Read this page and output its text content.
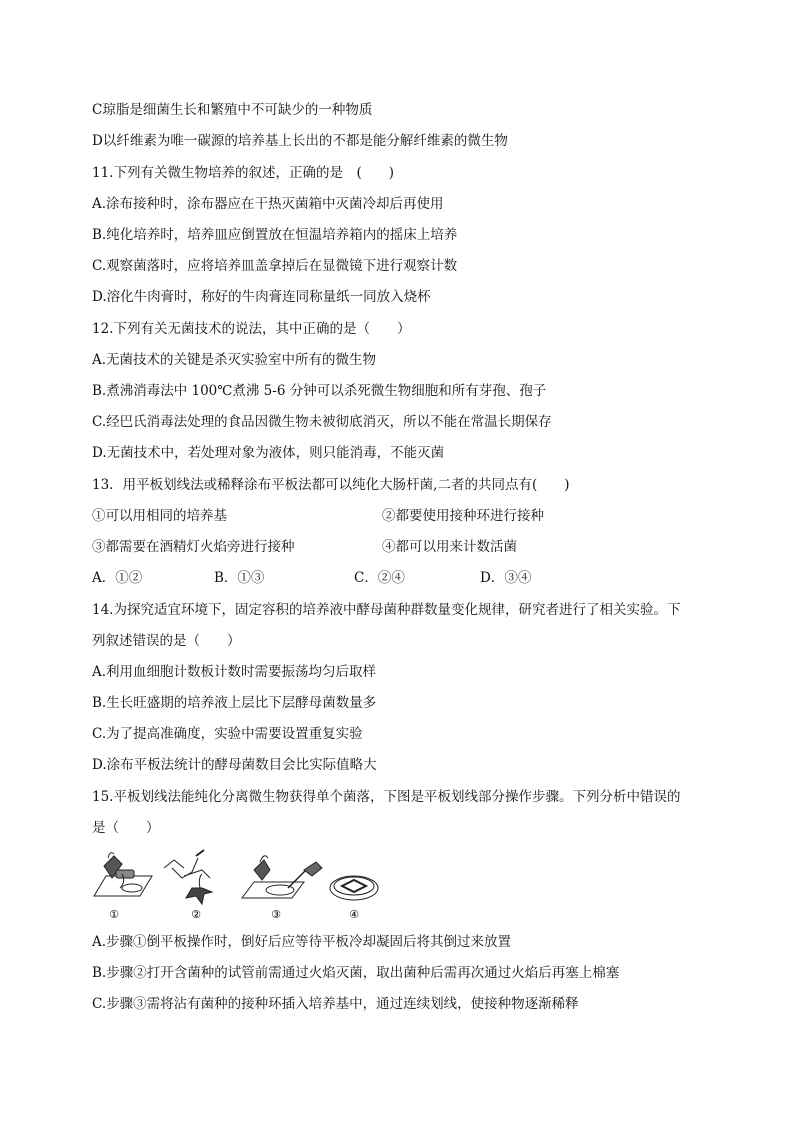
C琼脂是细菌生长和繁殖中不可缺少的一种物质
D以纤维素为唯一碳源的培养基上长出的不都是能分解纤维素的微生物
11.下列有关微生物培养的叙述，正确的是　(　　)
A.涂布接种时，涂布器应在干热灭菌箱中灭菌冷却后再使用
B.纯化培养时，培养皿应倒置放在恒温培养箱内的摇床上培养
C.观察菌落时，应将培养皿盖拿掉后在显微镜下进行观察计数
D.溶化牛肉膏时，称好的牛肉膏连同称量纸一同放入烧杯
12.下列有关无菌技术的说法，其中正确的是（　　）
A.无菌技术的关键是杀灭实验室中所有的微生物
B.煮沸消毒法中 100℃煮沸 5-6 分钟可以杀死微生物细胞和所有芽孢、孢子
C.经巴氏消毒法处理的食品因微生物未被彻底消灭，所以不能在常温长期保存
D.无菌技术中，若处理对象为液体，则只能消毒，不能灭菌
13．用平板划线法或稀释涂布平板法都可以纯化大肠杆菌,二者的共同点有(　　)
①可以用相同的培养基	②都要使用接种环进行接种
③都需要在酒精灯火焰旁进行接种	④都可以用来计数活菌
A．①②	B．①③	C．②④	D．③④
14.为探究适宜环境下，固定容积的培养液中酵母菌种群数量变化规律，研究者进行了相关实验。下
列叙述错误的是（　　）
A.利用血细胞计数板计数时需要振荡均匀后取样
B.生长旺盛期的培养液上层比下层酵母菌数量多
C.为了提高准确度，实验中需要设置重复实验
D.涂布平板法统计的酵母菌数目会比实际值略大
15.平板划线法能纯化分离微生物获得单个菌落，下图是平板划线部分操作步骤。下列分析中错误的
是（　　）
①	②	③	④
A.步骤①倒平板操作时，倒好后应等待平板冷却凝固后将其倒过来放置
B.步骤②打开含菌种的试管前需通过火焰灭菌，取出菌种后需再次通过火焰后再塞上棉塞
C.步骤③需将沾有菌种的接种环插入培养基中，通过连续划线，使接种物逐渐稀释
